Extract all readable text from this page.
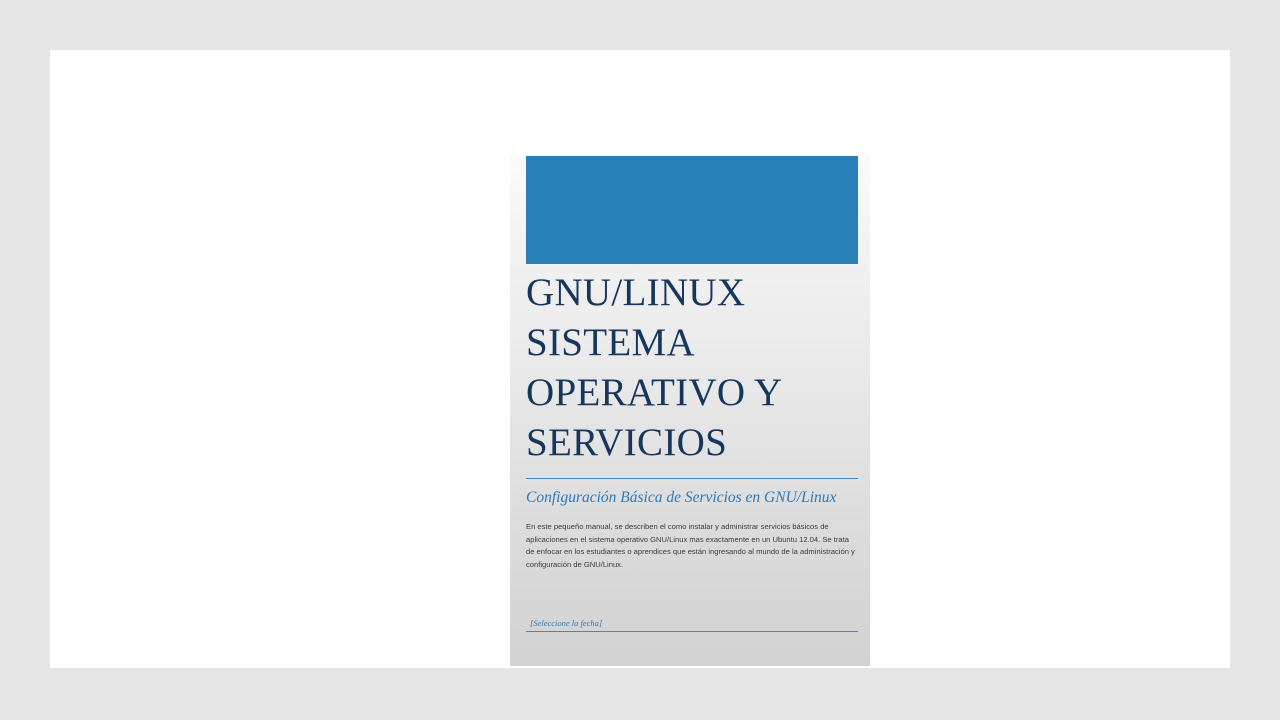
GNU/LINUX SISTEMA OPERATIVO Y SERVICIOS
Configuración Básica de Servicios en GNU/Linux

En este pequeño manual, se describen el como instalar y administrar servicios básicos de aplicaciones en el sistema operativo GNU/Linux mas exactamente en un Ubuntu 12.04. Se trata de enfocar en los estudiantes o aprendices que están ingresando al mundo de la administración y configuración de GNU/Linux.

[Seleccione la fecha]
